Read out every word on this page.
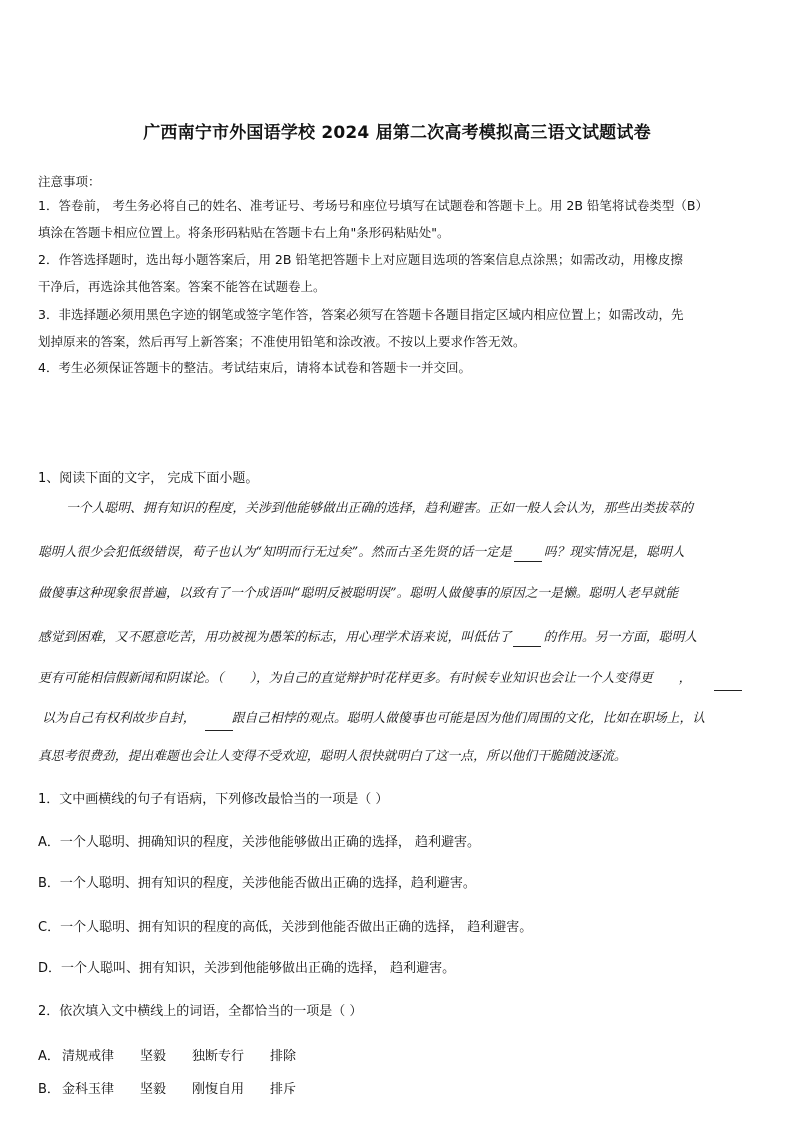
广西南宁市外国语学校 2024 届第二次高考模拟高三语文试题试卷
注意事项：
1．答卷前， 考生务必将自己的姓名、准考证号、考场号和座位号填写在试题卷和答题卡上。用 2B 铅笔将试卷类型（B）
填涂在答题卡相应位置上。将条形码粘贴在答题卡右上角"条形码粘贴处"。
2．作答选择题时，选出每小题答案后，用 2B 铅笔把答题卡上对应题目选项的答案信息点涂黑；如需改动，用橡皮擦
干净后，再选涂其他答案。答案不能答在试题卷上。
3．非选择题必须用黑色字迹的钢笔或签字笔作答，答案必须写在答题卡各题目指定区域内相应位置上；如需改动，先
划掉原来的答案，然后再写上新答案；不准使用铅笔和涂改液。不按以上要求作答无效。
4．考生必须保证答题卡的整洁。考试结束后，请将本试卷和答题卡一并交回。
1、阅读下面的文字， 完成下面小题。
一个人聪明、拥有知识的程度，关涉到他能够做出正确的选择，趋利避害。正如一般人会认为，那些出类拔萃的
聪明人很少会犯低级错误，荀子也认为“知明而行无过矣”。然而古圣先贤的话一定是	吗？现实情况是，聪明人
做傻事这种现象很普遍，以致有了一个成语叫“聪明反被聪明误”。聪明人做傻事的原因之一是懒。聪明人老早就能
感觉到困难，又不愿意吃苦，用功被视为愚笨的标志，用心理学术语来说，叫低估了	的作用。另一方面，聪明人
更有可能相信假新闻和阴谋论。（ ），为自己的直觉辩护时花样更多。有时候专业知识也会让一个人变得更 ，
以为自己有权利故步自封，	跟自己相悖的观点。聪明人做傻事也可能是因为他们周围的文化，比如在职场上，认
真思考很费劲，提出难题也会让人变得不受欢迎，聪明人很快就明白了这一点，所以他们干脆随波逐流。
1．文中画横线的句子有语病，下列修改最恰当的一项是（ ）
A．一个人聪明、拥确知识的程度，关涉他能够做出正确的选择， 趋利避害。
B．一个人聪明、拥有知识的程度，关涉他能否做出正确的选择，趋利避害。
C．一个人聪明、拥有知识的程度的高低，关涉到他能否做出正确的选择， 趋利避害。
D．一个人聪叫、拥有知识，关涉到他能够做出正确的选择， 趋利避害。
2．依次填入文中横线上的词语，全都恰当的一项是（ ）
A． 清规戒律 坚毅 独断专行 排除
B． 金科玉律 坚毅 刚愎自用 排斥
